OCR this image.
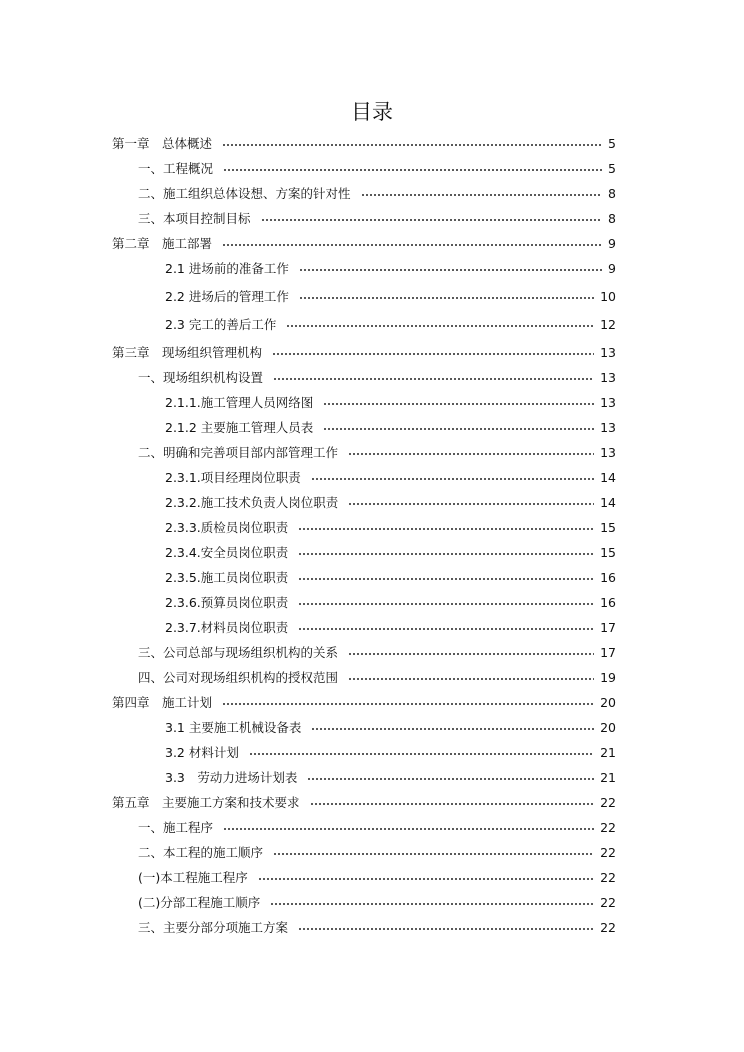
目录
第一章　总体概述	5
一、工程概况	5
二、施工组织总体设想、方案的针对性	8
三、本项目控制目标	8
第二章　施工部署	9
2.1 进场前的准备工作	9
2.2 进场后的管理工作	10
2.3 完工的善后工作	12
第三章　现场组织管理机构	13
一、现场组织机构设置	13
2.1.1.施工管理人员网络图	13
2.1.2 主要施工管理人员表	13
二、明确和完善项目部内部管理工作	13
2.3.1.项目经理岗位职责	14
2.3.2.施工技术负责人岗位职责	14
2.3.3.质检员岗位职责	15
2.3.4.安全员岗位职责	15
2.3.5.施工员岗位职责	16
2.3.6.预算员岗位职责	16
2.3.7.材料员岗位职责	17
三、公司总部与现场组织机构的关系	17
四、公司对现场组织机构的授权范围	19
第四章　施工计划	20
3.1 主要施工机械设备表	20
3.2 材料计划	21
3.3　劳动力进场计划表	21
第五章　主要施工方案和技术要求	22
一、施工程序	22
二、本工程的施工顺序	22
(一)本工程施工程序	22
(二)分部工程施工顺序	22
三、主要分部分项施工方案	22
